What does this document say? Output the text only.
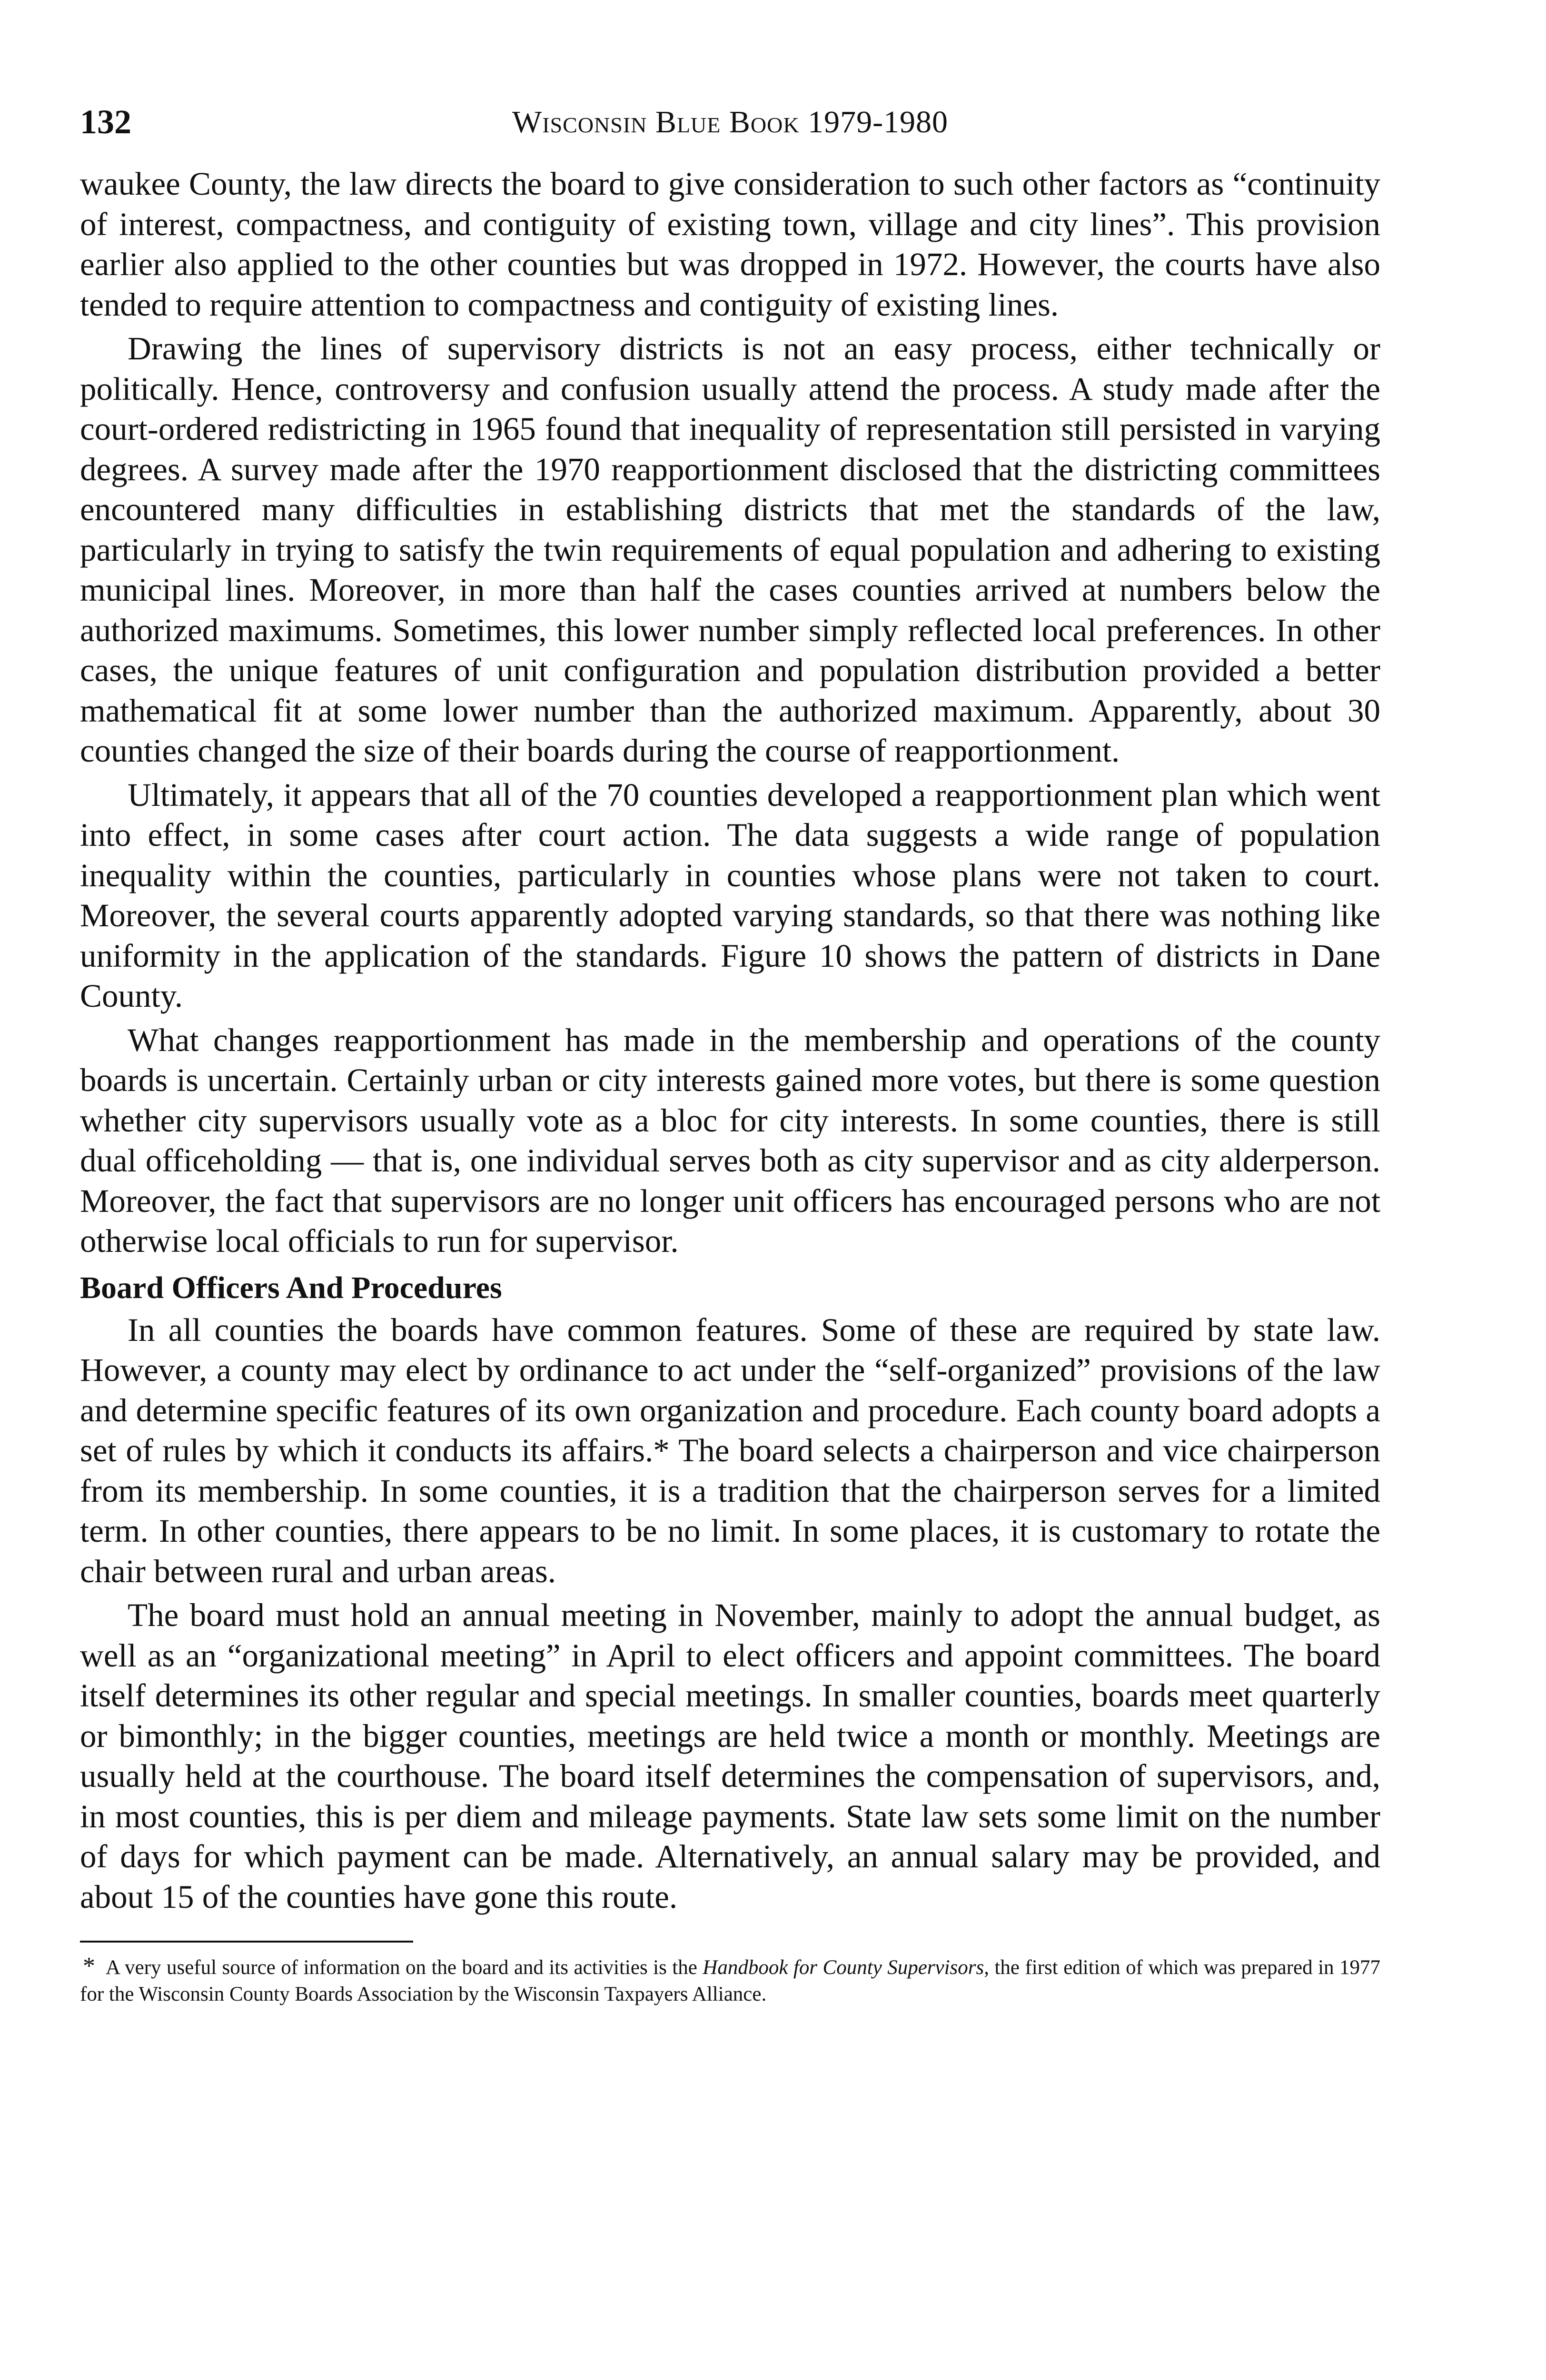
132	Wisconsin Blue Book 1979-1980

waukee County, the law directs the board to give consideration to such other factors as “continuity of interest, compactness, and contiguity of existing town, village and city lines”. This provision earlier also applied to the other counties but was dropped in 1972. However, the courts have also tended to require attention to compactness and contiguity of existing lines.

Drawing the lines of supervisory districts is not an easy process, either technically or politically. Hence, controversy and confusion usually attend the process. A study made after the court-ordered redistricting in 1965 found that inequality of representation still persisted in varying degrees. A survey made after the 1970 reapportionment disclosed that the districting committees encountered many difficulties in establishing districts that met the standards of the law, particularly in trying to satisfy the twin requirements of equal population and adhering to existing municipal lines. Moreover, in more than half the cases counties arrived at numbers below the authorized maximums. Sometimes, this lower number simply reflected local preferences. In other cases, the unique features of unit configuration and population distribution provided a better mathematical fit at some lower number than the authorized maximum. Apparently, about 30 counties changed the size of their boards during the course of reapportionment.

Ultimately, it appears that all of the 70 counties developed a reapportionment plan which went into effect, in some cases after court action. The data suggests a wide range of population inequality within the counties, particularly in counties whose plans were not taken to court. Moreover, the several courts apparently adopted varying standards, so that there was nothing like uniformity in the application of the standards. Figure 10 shows the pattern of districts in Dane County.

What changes reapportionment has made in the membership and operations of the county boards is uncertain. Certainly urban or city interests gained more votes, but there is some question whether city supervisors usually vote as a bloc for city interests. In some counties, there is still dual officeholding — that is, one individual serves both as city supervisor and as city alderperson. Moreover, the fact that supervisors are no longer unit officers has encouraged persons who are not otherwise local officials to run for supervisor.

Board Officers And Procedures

In all counties the boards have common features. Some of these are required by state law. However, a county may elect by ordinance to act under the “self-organized” provisions of the law and determine specific features of its own organization and procedure. Each county board adopts a set of rules by which it conducts its affairs.* The board selects a chairperson and vice chairperson from its membership. In some counties, it is a tradition that the chairperson serves for a limited term. In other counties, there appears to be no limit. In some places, it is customary to rotate the chair between rural and urban areas.

The board must hold an annual meeting in November, mainly to adopt the annual budget, as well as an “organizational meeting” in April to elect officers and appoint committees. The board itself determines its other regular and special meetings. In smaller counties, boards meet quarterly or bimonthly; in the bigger counties, meetings are held twice a month or monthly. Meetings are usually held at the courthouse. The board itself determines the compensation of supervisors, and, in most counties, this is per diem and mileage payments. State law sets some limit on the number of days for which payment can be made. Alternatively, an annual salary may be provided, and about 15 of the counties have gone this route.

* A very useful source of information on the board and its activities is the Handbook for County Supervisors, the first edition of which was prepared in 1977 for the Wisconsin County Boards Association by the Wisconsin Taxpayers Alliance.
